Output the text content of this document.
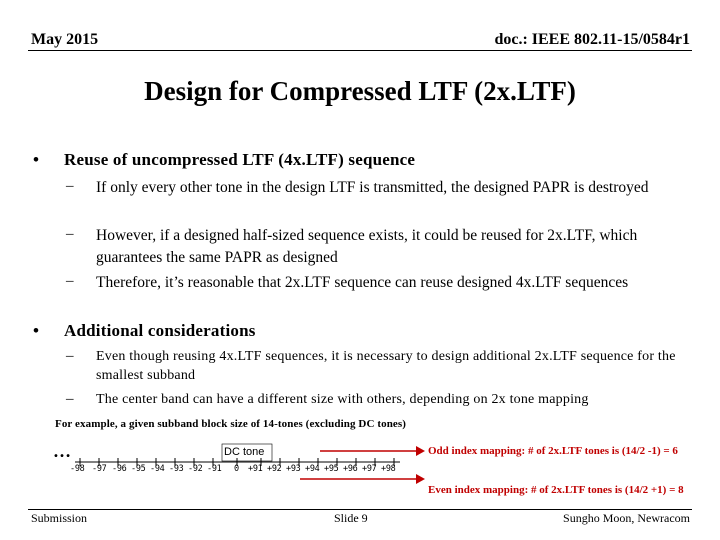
May 2015	doc.: IEEE 802.11-15/0584r1
Design for Compressed LTF (2x.LTF)
• Reuse of uncompressed LTF (4x.LTF) sequence
– If only every other tone in the design LTF is transmitted, the designed PAPR is destroyed
– However, if a designed half-sized sequence exists, it could be reused for 2x.LTF, which guarantees the same PAPR as designed
– Therefore, it’s reasonable that 2x.LTF sequence can reuse designed 4x.LTF sequences
• Additional considerations
– Even though reusing 4x.LTF sequences, it is necessary to design additional 2x.LTF sequence for the smallest subband
– The center band can have a different size with others, depending on 2x tone mapping
For example, a given subband block size of 14-tones (excluding DC tones)
…	DC tone
-98 -97 -96 -95 -94 -93 -92 -91 0 +91 +92 +93 +94 +95 +96 +97 +98
Odd index mapping: # of 2x.LTF tones is (14/2 -1) = 6
Even index mapping: # of 2x.LTF tones is (14/2 +1) = 8
Submission	Slide 9	Sungho Moon, Newracom
